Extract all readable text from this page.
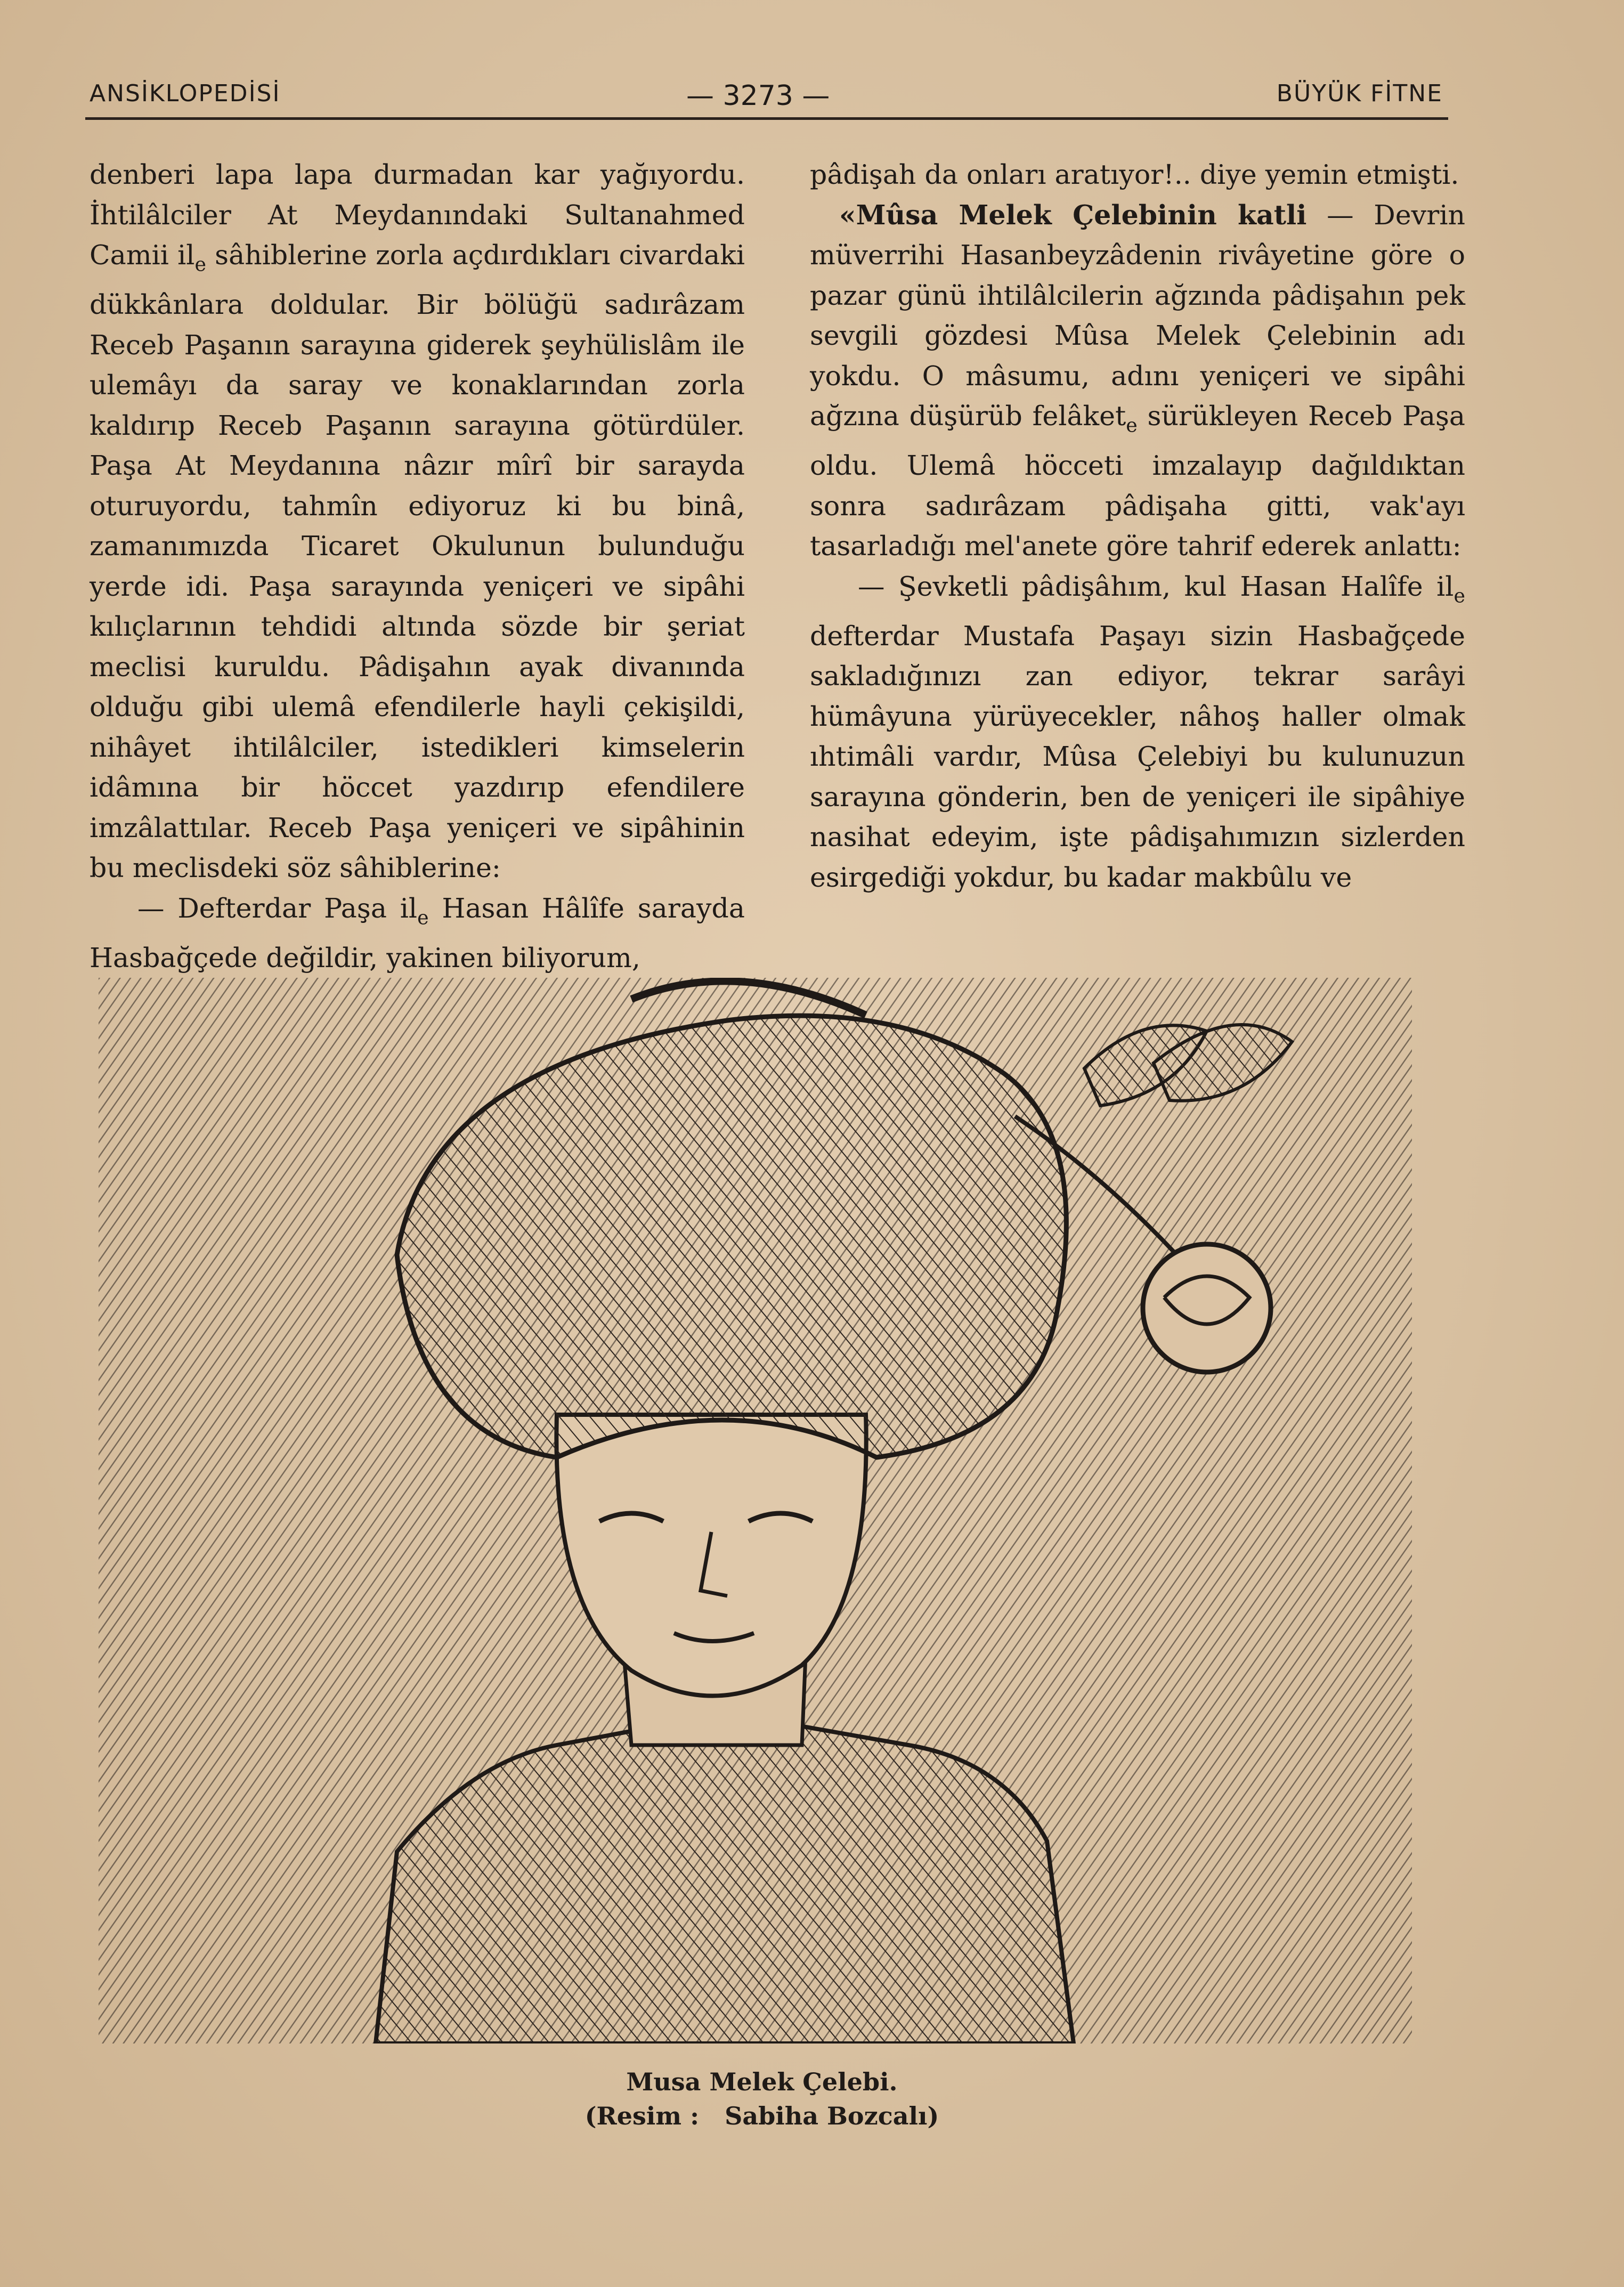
ANSİKLOPEDİSİ	— 3273 —	BÜYÜK FİTNE

denberi lapa lapa durmadan kar yağıyordu. İhtilâlciler At Meydanındaki Sultanahmed Camii $il_e$ sâhiblerine zorla açdırdıkları civardaki dükkânlara doldular. Bir bölüğü sadırâzam Receb Paşanın sarayına giderek şeyhülislâm ile ulemâyı da saray ve konaklarından zorla kaldırıp Receb Paşanın sarayına götürdüler. Paşa At Meydanına nâzır mîrî bir sarayda oturuyordu, tahmîn ediyoruz ki bu binâ, zamanımızda Ticaret Okulunun bulunduğu yerde idi. Paşa sarayında yeniçeri ve sipâhi kılıçlarının tehdidi altında sözde bir şeriat meclisi kuruldu. Pâdişahın ayak divanında olduğu gibi ulemâ efendilerle hayli çekişildi, nihâyet ihtilâlciler, istedikleri kimselerin idâmına bir höccet yazdırıp efendilere imzâlattılar. Receb Paşa yeniçeri ve sipâhinin bu meclisdeki söz sâhiblerine:

— Defterdar Paşa $il_e$ Hasan Hâlîfe sarayda Hasbağçede değildir, yakinen biliyorum,

pâdişah da onları aratıyor!.. diye yemin etmişti.

«Mûsa Melek Çelebinin katli — Devrin müverrihi Hasanbeyzâdenin rivâyetine göre o pazar günü ihtilâlcilerin ağzında pâdişahın pek sevgili gözdesi Mûsa Melek Çelebinin adı yokdu. O mâsumu, adını yeniçeri ve sipâhi ağzına düşürüb felâket$_e$ sürükleyen Receb Paşa oldu. Ulemâ höcceti imzalayıp dağıldıktan sonra sadırâzam pâdişaha gitti, vak'ayı tasarladığı mel'anete göre tahrif ederek anlattı:

— Şevketli pâdişâhım, kul Hasan Halîfe $il_e$ defterdar Mustafa Paşayı sizin Hasbağçede sakladığınızı zan ediyor, tekrar sarâyi hümâyuna yürüyecekler, nâhoş haller olmak ıhtimâli vardır, Mûsa Çelebiyi bu kulunuzun sarayına gönderin, ben de yeniçeri ile sipâhiye nasihat edeyim, işte pâdişahımızın sizlerden esirgediği yokdur, bu kadar makbûlu ve

Musa Melek Çelebi.
(Resim :   Sabiha Bozcalı)
